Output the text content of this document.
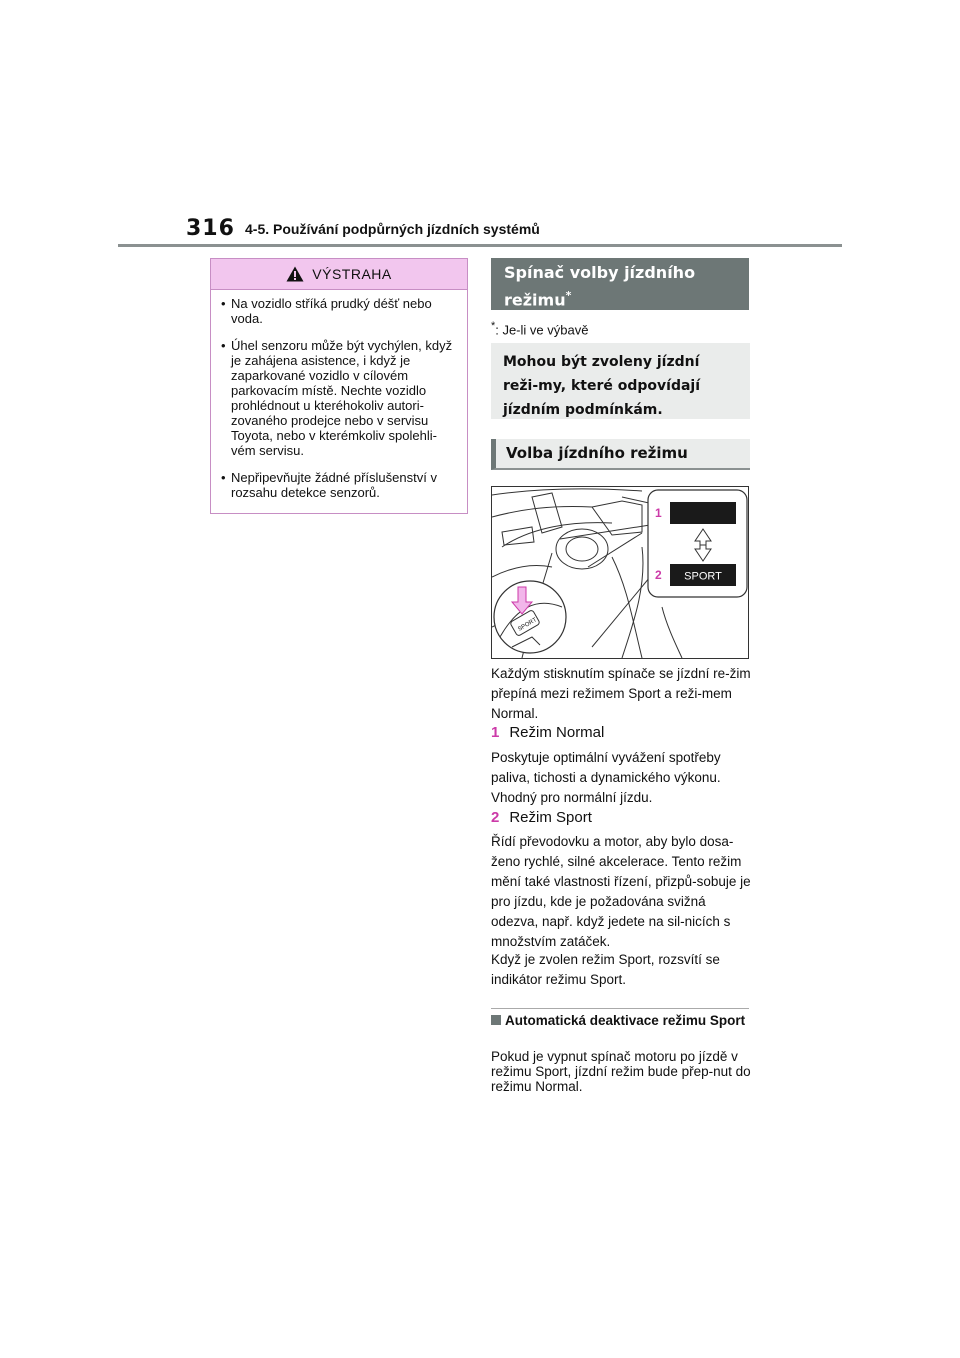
316 4-5. Používání podpůrných jízdních systémů
VÝSTRAHA
• Na vozidlo stříká prudký déšť nebo voda.
• Úhel senzoru může být vychýlen, když je zahájena asistence, i když je zaparkované vozidlo v cílovém parkovacím místě. Nechte vozidlo prohlédnout u kteréhokoliv autori-zovaného prodejce nebo v servisu Toyota, nebo v kterémkoliv spolehli-vém servisu.
• Nepřipevňujte žádné příslušenství v rozsahu detekce senzorů.
Spínač volby jízdního
režimu*
*: Je-li ve výbavě
Mohou být zvoleny jízdní reži-my, které odpovídají jízdním podmínkám.
Volba jízdního režimu
SPORT
1
2 SPORT

Každým stisknutím spínače se jízdní re-žim přepíná mezi režimem Sport a reži-mem Normal.

1 Režim Normal

Poskytuje optimální vyvážení spotřeby paliva, tichosti a dynamického výkonu. Vhodný pro normální jízdu.

2 Režim Sport

Řídí převodovku a motor, aby bylo dosa-ženo rychlé, silné akcelerace. Tento režim mění také vlastnosti řízení, přizpů-sobuje je pro jízdu, kde je požadována svižná odezva, např. když jedete na sil-nicích s množstvím zatáček.

Když je zvolen režim Sport, rozsvítí se indikátor režimu Sport.

Automatická deaktivace režimu Sport

Pokud je vypnut spínač motoru po jízdě v režimu Sport, jízdní režim bude přep-nut do režimu Normal.
